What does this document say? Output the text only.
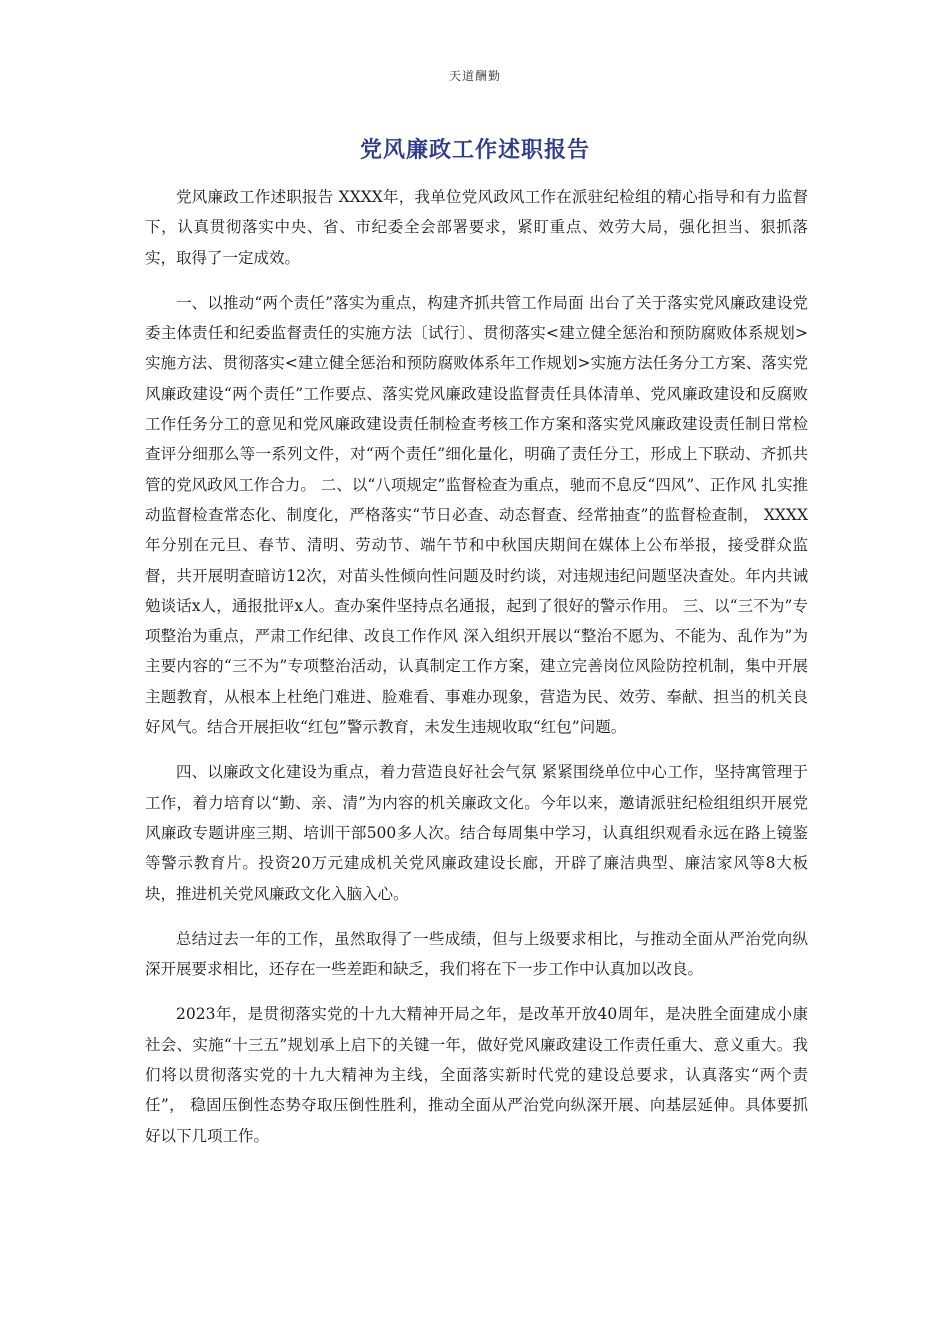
天道酬勤
党风廉政工作述职报告

党风廉政工作述职报告 XXXX年，我单位党风政风工作在派驻纪检组的精心指导和有力监督下，认真贯彻落实中央、省、市纪委全会部署要求，紧盯重点、效劳大局，强化担当、狠抓落实，取得了一定成效。

一、以推动“两个责任”落实为重点，构建齐抓共管工作局面 出台了关于落实党风廉政建设党委主体责任和纪委监督责任的实施方法〔试行〕、贯彻落实<建立健全惩治和预防腐败体系规划>实施方法、贯彻落实<建立健全惩治和预防腐败体系年工作规划>实施方法任务分工方案、落实党风廉政建设“两个责任”工作要点、落实党风廉政建设监督责任具体清单、党风廉政建设和反腐败工作任务分工的意见和党风廉政建设责任制检查考核工作方案和落实党风廉政建设责任制日常检查评分细那么等一系列文件，对“两个责任”细化量化，明确了责任分工，形成上下联动、齐抓共管的党风政风工作合力。 二、以“八项规定”监督检查为重点，驰而不息反“四风”、正作风 扎实推动监督检查常态化、制度化，严格落实“节日必查、动态督查、经常抽查”的监督检查制， XXXX年分别在元旦、春节、清明、劳动节、端午节和中秋国庆期间在媒体上公布举报，接受群众监督，共开展明查暗访12次，对苗头性倾向性问题及时约谈，对违规违纪问题坚决查处。年内共诫勉谈话x人，通报批评x人。查办案件坚持点名通报，起到了很好的警示作用。 三、以“三不为”专项整治为重点，严肃工作纪律、改良工作作风 深入组织开展以“整治不愿为、不能为、乱作为”为主要内容的“三不为”专项整治活动，认真制定工作方案，建立完善岗位风险防控机制，集中开展主题教育，从根本上杜绝门难进、脸难看、事难办现象，营造为民、效劳、奉献、担当的机关良好风气。结合开展拒收“红包”警示教育，未发生违规收取“红包”问题。

四、以廉政文化建设为重点，着力营造良好社会气氛 紧紧围绕单位中心工作，坚持寓管理于工作，着力培育以“勤、亲、清”为内容的机关廉政文化。今年以来，邀请派驻纪检组组织开展党风廉政专题讲座三期、培训干部500多人次。结合每周集中学习，认真组织观看永远在路上镜鉴等警示教育片。投资20万元建成机关党风廉政建设长廊，开辟了廉洁典型、廉洁家风等8大板块，推进机关党风廉政文化入脑入心。

总结过去一年的工作，虽然取得了一些成绩，但与上级要求相比，与推动全面从严治党向纵深开展要求相比，还存在一些差距和缺乏，我们将在下一步工作中认真加以改良。

2023年，是贯彻落实党的十九大精神开局之年，是改革开放40周年，是决胜全面建成小康社会、实施“十三五”规划承上启下的关键一年，做好党风廉政建设工作责任重大、意义重大。我们将以贯彻落实党的十九大精神为主线，全面落实新时代党的建设总要求，认真落实“两个责任”， 稳固压倒性态势夺取压倒性胜利，推动全面从严治党向纵深开展、向基层延伸。具体要抓好以下几项工作。
